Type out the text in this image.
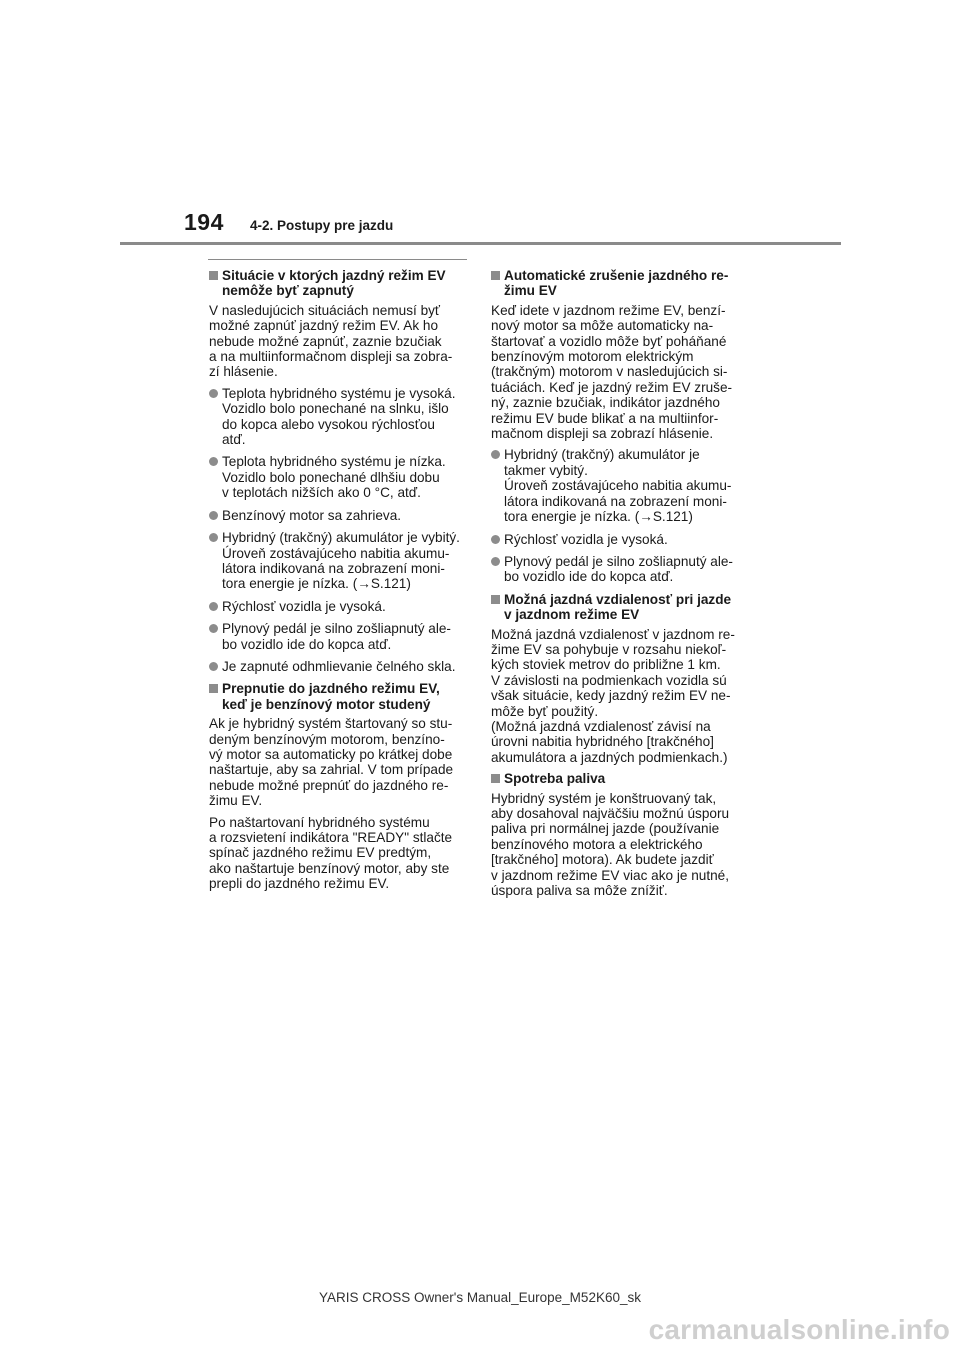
194 4-2. Postupy pre jazdu
Situácie v ktorých jazdný režim EV
nemôže byť zapnutý
V nasledujúcich situáciách nemusí byť
možné zapnúť jazdný režim EV. Ak ho
nebude možné zapnúť, zaznie bzučiak
a na multiinformačnom displeji sa zobra-
zí hlásenie.
Teplota hybridného systému je vysoká.
Vozidlo bolo ponechané na slnku, išlo
do kopca alebo vysokou rýchlosťou
atď.
Teplota hybridného systému je nízka.
Vozidlo bolo ponechané dlhšiu dobu
v teplotách nižších ako 0 °C, atď.
Benzínový motor sa zahrieva.
Hybridný (trakčný) akumulátor je vybitý.
Úroveň zostávajúceho nabitia akumu-
látora indikovaná na zobrazení moni-
tora energie je nízka. (→S.121)
Rýchlosť vozidla je vysoká.
Plynový pedál je silno zošliapnutý ale-
bo vozidlo ide do kopca atď.
Je zapnuté odhmlievanie čelného skla.
Prepnutie do jazdného režimu EV,
keď je benzínový motor studený
Ak je hybridný systém štartovaný so stu-
deným benzínovým motorom, benzíno-
vý motor sa automaticky po krátkej dobe
naštartuje, aby sa zahrial. V tom prípade
nebude možné prepnúť do jazdného re-
žimu EV.
Po naštartovaní hybridného systému
a rozsvietení indikátora "READY" stlačte
spínač jazdného režimu EV predtým,
ako naštartuje benzínový motor, aby ste
prepli do jazdného režimu EV.
Automatické zrušenie jazdného re-
žimu EV
Keď idete v jazdnom režime EV, benzí-
nový motor sa môže automaticky na-
štartovať a vozidlo môže byť poháňané
benzínovým motorom elektrickým
(trakčným) motorom v nasledujúcich si-
tuáciách. Keď je jazdný režim EV zruše-
ný, zaznie bzučiak, indikátor jazdného
režimu EV bude blikať a na multiinfor-
mačnom displeji sa zobrazí hlásenie.
Hybridný (trakčný) akumulátor je
takmer vybitý.
Úroveň zostávajúceho nabitia akumu-
látora indikovaná na zobrazení moni-
tora energie je nízka. (→S.121)
Rýchlosť vozidla je vysoká.
Plynový pedál je silno zošliapnutý ale-
bo vozidlo ide do kopca atď.
Možná jazdná vzdialenosť pri jazde
v jazdnom režime EV
Možná jazdná vzdialenosť v jazdnom re-
žime EV sa pohybuje v rozsahu niekoľ-
kých stoviek metrov do približne 1 km.
V závislosti na podmienkach vozidla sú
však situácie, kedy jazdný režim EV ne-
môže byť použitý.
(Možná jazdná vzdialenosť závisí na
úrovni nabitia hybridného [trakčného]
akumulátora a jazdných podmienkach.)
Spotreba paliva
Hybridný systém je konštruovaný tak,
aby dosahoval najväčšiu možnú úsporu
paliva pri normálnej jazde (používanie
benzínového motora a elektrického
[trakčného] motora). Ak budete jazdiť
v jazdnom režime EV viac ako je nutné,
úspora paliva sa môže znížiť.
YARIS CROSS Owner's Manual_Europe_M52K60_sk
carmanualsonline.info
